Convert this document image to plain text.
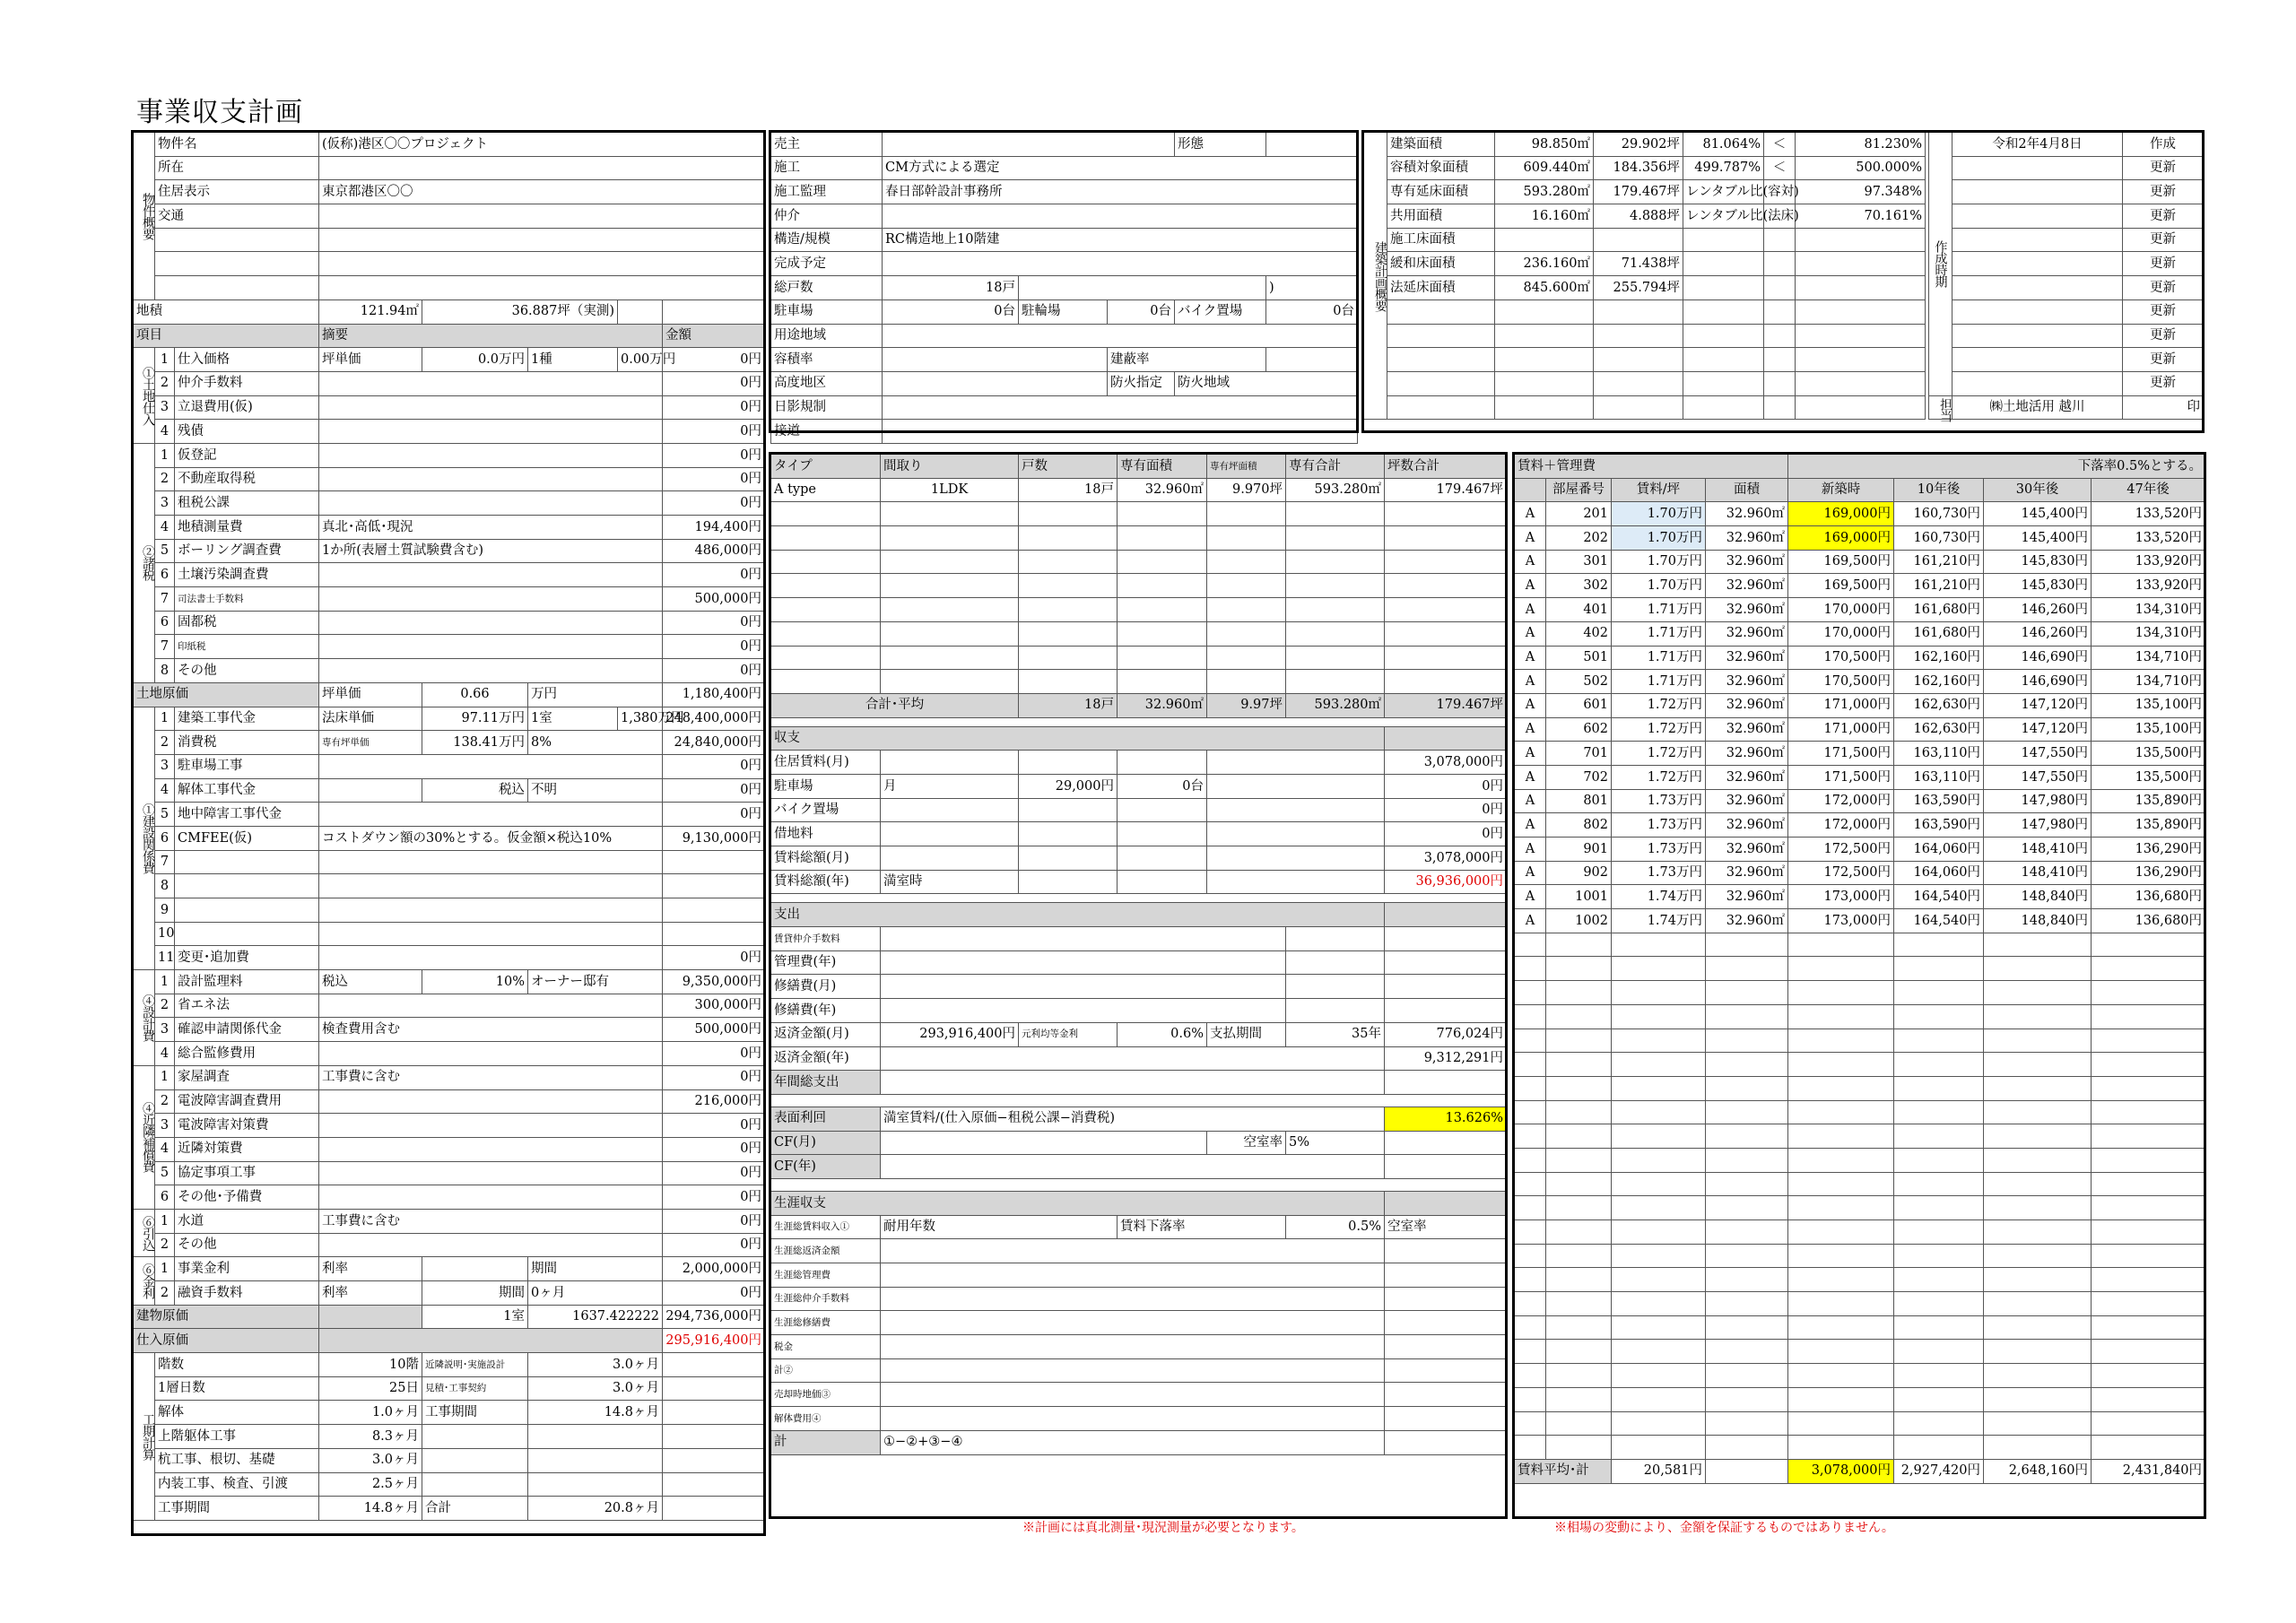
事業収支計画
物件概要	物件名		(仮称)港区〇〇プロジェクト				
	所在						
	住居表示		東京都港区〇〇				
	交通						

地積			121.94㎡	36.887坪（実測)			
項目			摘要				金額
①土地仕入	1	仕入価格	坪単価	0.0万円	1種	0.00万円	0円
	2	仲介手数料					0円
	3	立退費用(仮)					0円
	4	残債					0円
②諸税	1	仮登記					0円
	2	不動産取得税					0円
	3	租税公課					0円
	4	地積測量費	真北･高低･現況				194,400円
	5	ボーリング調査費	1か所(表層土質試験費含む)				486,000円
	6	土壌汚染調査費					0円
	7	司法書士手数料					500,000円
	6	固都税					0円
	7	印紙税					0円
	8	その他					0円
土地原価			坪単価	0.66	万円		1,180,400円
①建設関係費	1	建築工事代金	法床単価	97.11万円	1室	1,380万円	248,400,000円
	2	消費税	専有坪単価	138.41万円	8%		24,840,000円
	3	駐車場工事					0円
	4	解体工事代金		税込	不明		0円
	5	地中障害工事代金					0円
	6	CMFEE(仮)	コストダウン額の30%とする。仮金額×税込10%				9,130,000円
	7						
	8						
	9						
	10						
	11	変更･追加費					0円
④設計費	1	設計監理料	税込	10%	オーナー邸有		9,350,000円
	2	省エネ法					300,000円
	3	確認申請関係代金	検査費用含む				500,000円
	4	総合監修費用					0円
④近隣補償費	1	家屋調査	工事費に含む				0円
	2	電波障害調査費用					216,000円
	3	電波障害対策費					0円
	4	近隣対策費					0円
	5	協定事項工事					0円
	6	その他･予備費					0円
⑥引込	1	水道	工事費に含む				0円
	2	その他					0円
⑥金利	1	事業金利	利率		期間		2,000,000円
	2	融資手数料	利率	期間	0ヶ月		0円
建物原価				1室	1637.422222		294,736,000円
仕入原価							295,916,400円
工期計算	階数		10階	近隣説明･実施設計	3.0ヶ月		
	1層日数		25日	見積･工事契約	3.0ヶ月		
	解体		1.0ヶ月	工事期間	14.8ヶ月		
	上階躯体工事		8.3ヶ月				
	杭工事、根切、基礎		3.0ヶ月				
	内装工事、検査、引渡		2.5ヶ月				
	工事期間		14.8ヶ月	合計	20.8ヶ月		
売主				形態	
施工	CM方式による選定				
施工監理	春日部幹設計事務所				
仲介					
構造/規模	RC構造地上10階建				
完成予定					
総戸数	18戸				)
駐車場	0台	駐輪場	0台	バイク置場	0台
用途地域					
容積率			建蔽率		
高度地区			防火指定	防火地域	
日影規制					
接道					
建築計画概要	建築面積	98.850㎡	29.902坪	81.064%	＜	81.230%
	容積対象面積	609.440㎡	184.356坪	499.787%	＜	500.000%
	専有延床面積	593.280㎡	179.467坪	レンタブル比(容対)		97.348%
	共用面積	16.160㎡	4.888坪	レンタブル比(法床)		70.161%
	施工床面積					
	緩和床面積	236.160㎡	71.438坪			
	法延床面積	845.600㎡	255.794坪			

作成時期	令和2年4月8日	作成
		更新
		更新
		更新
		更新
		更新
		更新
		更新
		更新
		更新
		更新
担当	㈱土地活用 越川	印

タイプ	間取り	戸数	専有面積	専有坪面積	専有合計	坪数合計	
A type	1LDK	18戸	32.960㎡	9.970坪	593.280㎡	179.467坪	

合計･平均		18戸	32.960㎡	9.97坪	593.280㎡	179.467坪	

収支							
住居賃料(月)						3,078,000円	
駐車場	月	29,000円	0台			0円	
バイク置場						0円	
借地料						0円	
賃料総額(月)						3,078,000円	
賃料総額(年)	満室時					36,936,000円	

支出							
賃貸仲介手数料							
管理費(年)							
修繕費(月)							
修繕費(年)							
返済金額(月)	293,916,400円	元利均等金利	0.6%	支払期間	35年	776,024円	
返済金額(年)						9,312,291円	
年間総支出							

表面利回	満室賃料/(仕入原価−租税公課−消費税)					13.626%	
CF(月)				空室率	5%		
CF(年)							

生涯収支							
生涯総賃料収入①	耐用年数		賃料下落率		0.5%	空室率	
生涯総返済金額							
生涯総管理費							
生涯総仲介手数料							
生涯総修繕費							
税金							
計②							
売却時地価③							
解体費用④							
計	①−②+③−④						
賃料＋管理費				下落率0.5%とする。			
	部屋番号	賃料/坪	面積	新築時	10年後	30年後	47年後
A	201	1.70万円	32.960㎡	169,000円	160,730円	145,400円	133,520円
A	202	1.70万円	32.960㎡	169,000円	160,730円	145,400円	133,520円
A	301	1.70万円	32.960㎡	169,500円	161,210円	145,830円	133,920円
A	302	1.70万円	32.960㎡	169,500円	161,210円	145,830円	133,920円
A	401	1.71万円	32.960㎡	170,000円	161,680円	146,260円	134,310円
A	402	1.71万円	32.960㎡	170,000円	161,680円	146,260円	134,310円
A	501	1.71万円	32.960㎡	170,500円	162,160円	146,690円	134,710円
A	502	1.71万円	32.960㎡	170,500円	162,160円	146,690円	134,710円
A	601	1.72万円	32.960㎡	171,000円	162,630円	147,120円	135,100円
A	602	1.72万円	32.960㎡	171,000円	162,630円	147,120円	135,100円
A	701	1.72万円	32.960㎡	171,500円	163,110円	147,550円	135,500円
A	702	1.72万円	32.960㎡	171,500円	163,110円	147,550円	135,500円
A	801	1.73万円	32.960㎡	172,000円	163,590円	147,980円	135,890円
A	802	1.73万円	32.960㎡	172,000円	163,590円	147,980円	135,890円
A	901	1.73万円	32.960㎡	172,500円	164,060円	148,410円	136,290円
A	902	1.73万円	32.960㎡	172,500円	164,060円	148,410円	136,290円
A	1001	1.74万円	32.960㎡	173,000円	164,540円	148,840円	136,680円
A	1002	1.74万円	32.960㎡	173,000円	164,540円	148,840円	136,680円

賃料平均･計		20,581円		3,078,000円	2,927,420円	2,648,160円	2,431,840円
※計画には真北測量･現況測量が必要となります。	※相場の変動により、金額を保証するものではありません。
